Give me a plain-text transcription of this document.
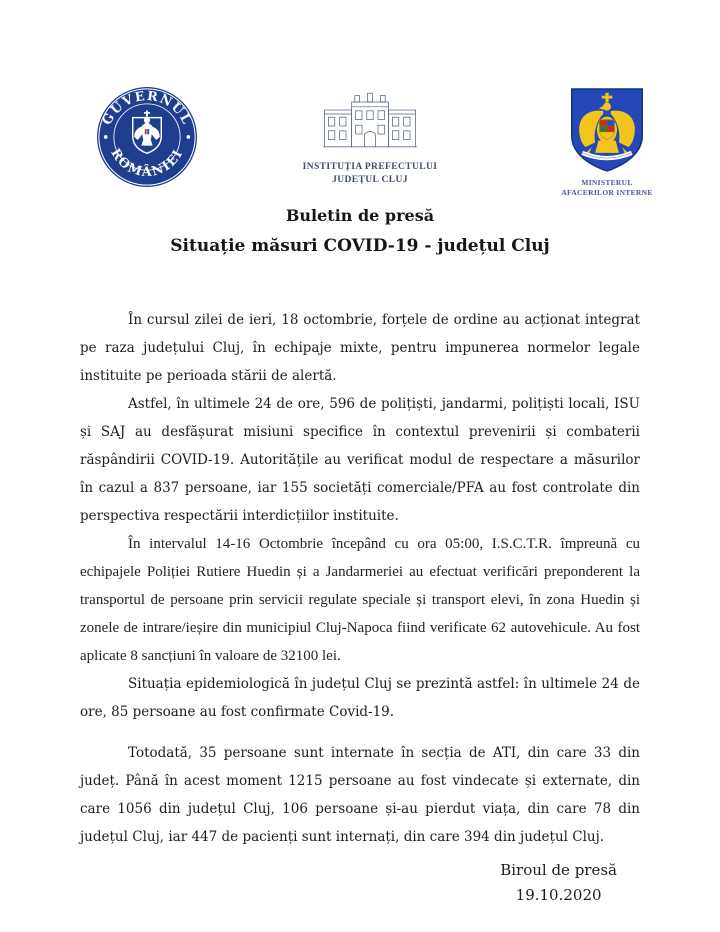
GUVERNUL
ROMÂNIEI
INSTITUȚIA PREFECTULUI
JUDEȚUL CLUJ	MINISTERUL
AFACERILOR INTERNE
Buletin de presă
Situație măsuri COVID-19 - județul Cluj

În cursul zilei de ieri, 18 octombrie, forțele de ordine au acționat integrat pe raza județului Cluj, în echipaje mixte, pentru impunerea normelor legale instituite pe perioada stării de alertă.

Astfel, în ultimele 24 de ore, 596 de polițiști, jandarmi, polițiști locali, ISU și SAJ au desfășurat misiuni specifice în contextul prevenirii și combaterii răspândirii COVID-19. Autoritățile au verificat modul de respectare a măsurilor în cazul a 837 persoane, iar 155 societăți comerciale/PFA au fost controlate din perspectiva respectării interdicțiilor instituite.

În intervalul 14-16 Octombrie începând cu ora 05:00, I.S.C.T.R. împreună cu echipajele Poliției Rutiere Huedin și a Jandarmeriei au efectuat verificări preponderent la transportul de persoane prin servicii regulate speciale și transport elevi, în zona Huedin și zonele de intrare/ieșire din municipiul Cluj-Napoca fiind verificate 62 autovehicule. Au fost aplicate 8 sancțiuni în valoare de 32100 lei.

Situația epidemiologică în județul Cluj se prezintă astfel: în ultimele 24 de ore, 85 persoane au fost confirmate Covid-19.

Totodată, 35 persoane sunt internate în secția de ATI, din care 33 din județ. Până în acest moment 1215 persoane au fost vindecate și externate, din care 1056 din județul Cluj, 106 persoane și-au pierdut viața, din care 78 din județul Cluj, iar 447 de pacienți sunt internați, din care 394 din județul Cluj.

Biroul de presă
19.10.2020
